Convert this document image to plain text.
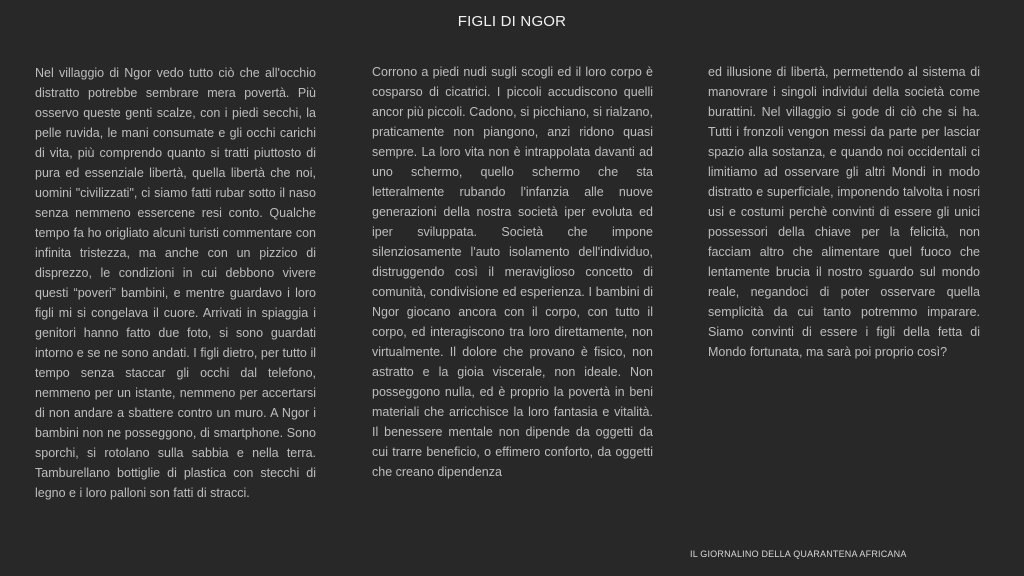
FIGLI DI NGOR

Nel villaggio di Ngor vedo tutto ciò che all'occhio distratto potrebbe sembrare mera povertà. Più osservo queste genti scalze, con i piedi secchi, la pelle ruvida, le mani consumate e gli occhi carichi di vita, più comprendo quanto si tratti piuttosto di pura ed essenziale libertà, quella libertà che noi, uomini "civilizzati", ci siamo fatti rubar sotto il naso senza nemmeno essercene resi conto. Qualche tempo fa ho origliato alcuni turisti commentare con infinita tristezza, ma anche con un pizzico di disprezzo, le condizioni in cui debbono vivere questi “poveri” bambini, e mentre guardavo i loro figli mi si congelava il cuore. Arrivati in spiaggia i genitori hanno fatto due foto, si sono guardati intorno e se ne sono andati. I figli dietro, per tutto il tempo senza staccar gli occhi dal telefono, nemmeno per un istante, nemmeno per accertarsi di non andare a sbattere contro un muro. A Ngor i bambini non ne posseggono, di smartphone. Sono sporchi, si rotolano sulla sabbia e nella terra. Tamburellano bottiglie di plastica con stecchi di legno e i loro palloni son fatti di stracci.

Corrono a piedi nudi sugli scogli ed il loro corpo è cosparso di cicatrici. I piccoli accudiscono quelli ancor più piccoli. Cadono, si picchiano, si rialzano, praticamente non piangono, anzi ridono quasi sempre. La loro vita non è intrappolata davanti ad uno schermo, quello schermo che sta letteralmente rubando l'infanzia alle nuove generazioni della nostra società iper evoluta ed iper sviluppata. Società che impone silenziosamente l'auto isolamento dell'individuo, distruggendo così il meraviglioso concetto di comunità, condivisione ed esperienza. I bambini di Ngor giocano ancora con il corpo, con tutto il corpo, ed interagiscono tra loro direttamente, non virtualmente. Il dolore che provano è fisico, non astratto e la gioia viscerale, non ideale. Non posseggono nulla, ed è proprio la povertà in beni materiali che arricchisce la loro fantasia e vitalità. Il benessere mentale non dipende da oggetti da cui trarre beneficio, o effimero conforto, da oggetti che creano dipendenza

ed illusione di libertà, permettendo al sistema di manovrare i singoli individui della società come burattini. Nel villaggio si gode di ciò che si ha. Tutti i fronzoli vengon messi da parte per lasciar spazio alla sostanza, e quando noi occidentali ci limitiamo ad osservare gli altri Mondi in modo distratto e superficiale, imponendo talvolta i nosri usi e costumi perchè convinti di essere gli unici possessori della chiave per la felicità, non facciam altro che alimentare quel fuoco che lentamente brucia il nostro sguardo sul mondo reale, negandoci di poter osservare quella semplicità da cui tanto potremmo imparare. Siamo convinti di essere i figli della fetta di Mondo fortunata, ma sarà poi proprio così?

IL GIORNALINO DELLA QUARANTENA AFRICANA
